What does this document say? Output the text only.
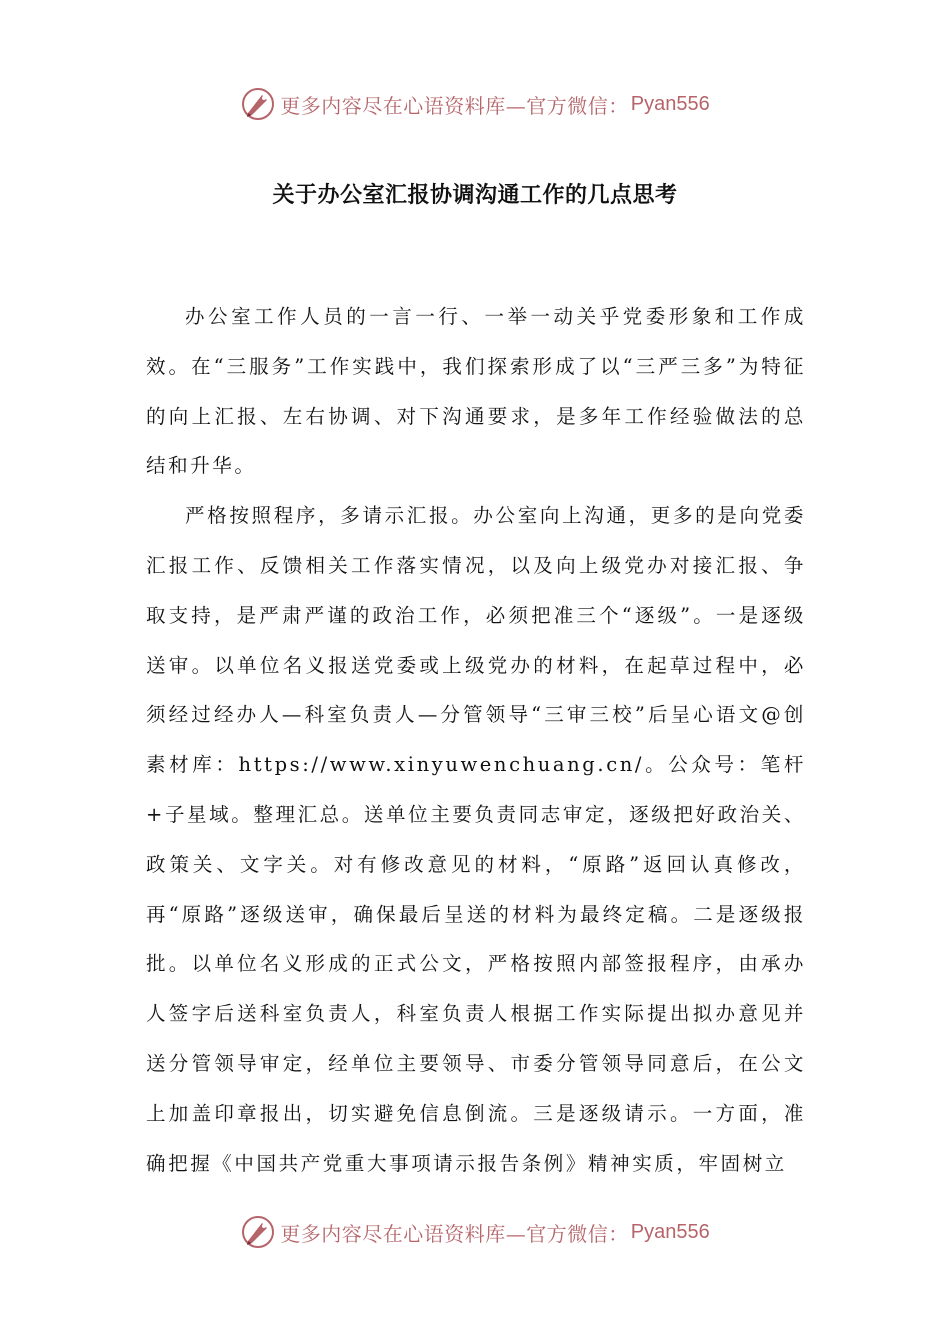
更多内容尽在心语资料库—官方微信： Pyan556
关于办公室汇报协调沟通工作的几点思考

办公室工作人员的一言一行、一举一动关乎党委形象和工作成效。在“三服务”工作实践中，我们探索形成了以“三严三多”为特征的向上汇报、左右协调、对下沟通要求，是多年工作经验做法的总结和升华。

严格按照程序，多请示汇报。办公室向上沟通，更多的是向党委汇报工作、反馈相关工作落实情况，以及向上级党办对接汇报、争取支持，是严肃严谨的政治工作，必须把准三个“逐级”。一是逐级送审。以单位名义报送党委或上级党办的材料，在起草过程中，必须经过经办人—科室负责人—分管领导“三审三校”后呈心语文@创素材库：https://www.xinyuwenchuang.cn/。公众号：笔杆+子星域。整理汇总。送单位主要负责同志审定，逐级把好政治关、政策关、文字关。对有修改意见的材料，“原路”返回认真修改，再“原路”逐级送审，确保最后呈送的材料为最终定稿。二是逐级报批。以单位名义形成的正式公文，严格按照内部签报程序，由承办人签字后送科室负责人，科室负责人根据工作实际提出拟办意见并送分管领导审定，经单位主要领导、市委分管领导同意后，在公文上加盖印章报出，切实避免信息倒流。三是逐级请示。一方面，准确把握《中国共产党重大事项请示报告条例》精神实质，牢固树立

更多内容尽在心语资料库—官方微信： Pyan556
